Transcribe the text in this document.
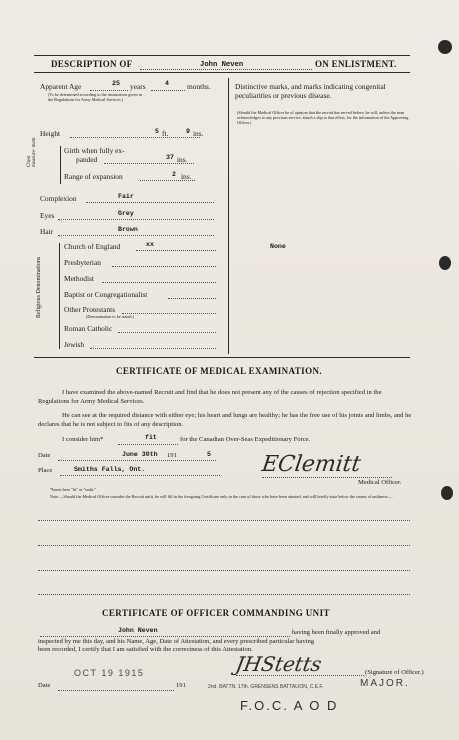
DESCRIPTION OF	John Neven	ON ENLISTMENT.
Apparent Age	25 years	4 months.
(To be determined according to the instructions given in the Regulations for Army Medical Services.)
Distinctive marks, and marks indicating congenital peculiarities or previous disease.
(Should the Medical Officer be of opinion that the recruit has served before, he will, unless the man acknowledges to any previous service, attach a slip to that effect, for the information of the Approving Officer.)
None
Height	5 ft.	9 ins.
Chest measure- ment	Girth when fully ex-
panded	37 ins.
Range of expansion	2 ins.
Complexion	Fair
Eyes	Grey
Hair	Brown
Religious Denominations
Church of England	xx
Presbyterian
Methodist
Baptist or Congregationalist
Other Protestants
(Denomination to be stated.)
Roman Catholic
Jewish
CERTIFICATE OF MEDICAL EXAMINATION.
I have examined the above-named Recruit and find that he does not present any of the causes of rejection specified in the Regulations for Army Medical Services.
He can see at the required distance with either eye; his heart and lungs are healthy; he has the free use of his joints and limbs, and he declares that he is not subject to fits of any description.
I consider him*	fit	for the Canadian Over-Seas Expeditionary Force.
Date	June 30th 191	5
Place	Smiths Falls, Ont.	EClemitt
Medical Officer.
*Insert here "fit" or "unfit."
Note.—Should the Medical Officer consider the Recruit unfit, he will fill in the foregoing Certificate only in the case of those who have been attested, and will briefly state below the causes of unfitness:—
CERTIFICATE OF OFFICER COMMANDING UNIT
John Neven	having been finally approved and
inspected by me this day, and his Name, Age, Date of Attestation, and every prescribed particular having
been recorded, I certify that I am satisfied with the correctness of this Attestation.
JHStetts	(Signature of Officer.)
MAJOR.
2nd. BATTN. 17th. GRENSENS BATTALION, C.E.F.
Date
OCT 19 1915
191
F.O.C. A O D
